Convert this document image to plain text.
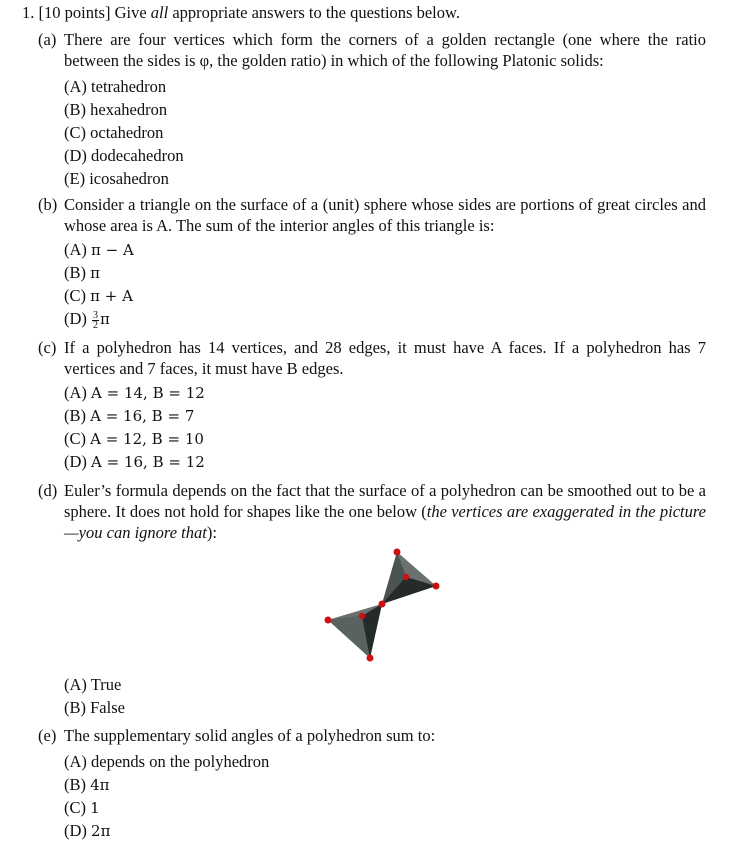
1. [10 points] Give all appropriate answers to the questions below.
(a) There are four vertices which form the corners of a golden rectangle (one where the ratio between the sides is φ, the golden ratio) in which of the following Platonic solids:
(A) tetrahedron
(B) hexahedron
(C) octahedron
(D) dodecahedron
(E) icosahedron
(b) Consider a triangle on the surface of a (unit) sphere whose sides are portions of great circles and whose area is A. The sum of the interior angles of this triangle is:
(A) π − A
(B) π
(C) π + A
$(D) \frac{3}{2}$ π
(c) If a polyhedron has 14 vertices, and 28 edges, it must have A faces. If a polyhedron has 7 vertices and 7 faces, it must have B edges.
(A) A = 14, B = 12
(B) A = 16, B = 7
(C) A = 12, B = 10
(D) A = 16, B = 12
(d) Euler’s formula depends on the fact that the surface of a polyhedron can be smoothed out to be a sphere. It does not hold for shapes like the one below (the vertices are exaggerated in the picture—you can ignore that):
(A) True
(B) False
(e) The supplementary solid angles of a polyhedron sum to:
(A) depends on the polyhedron
(B) 4π
(C) 1
(D) 2π
